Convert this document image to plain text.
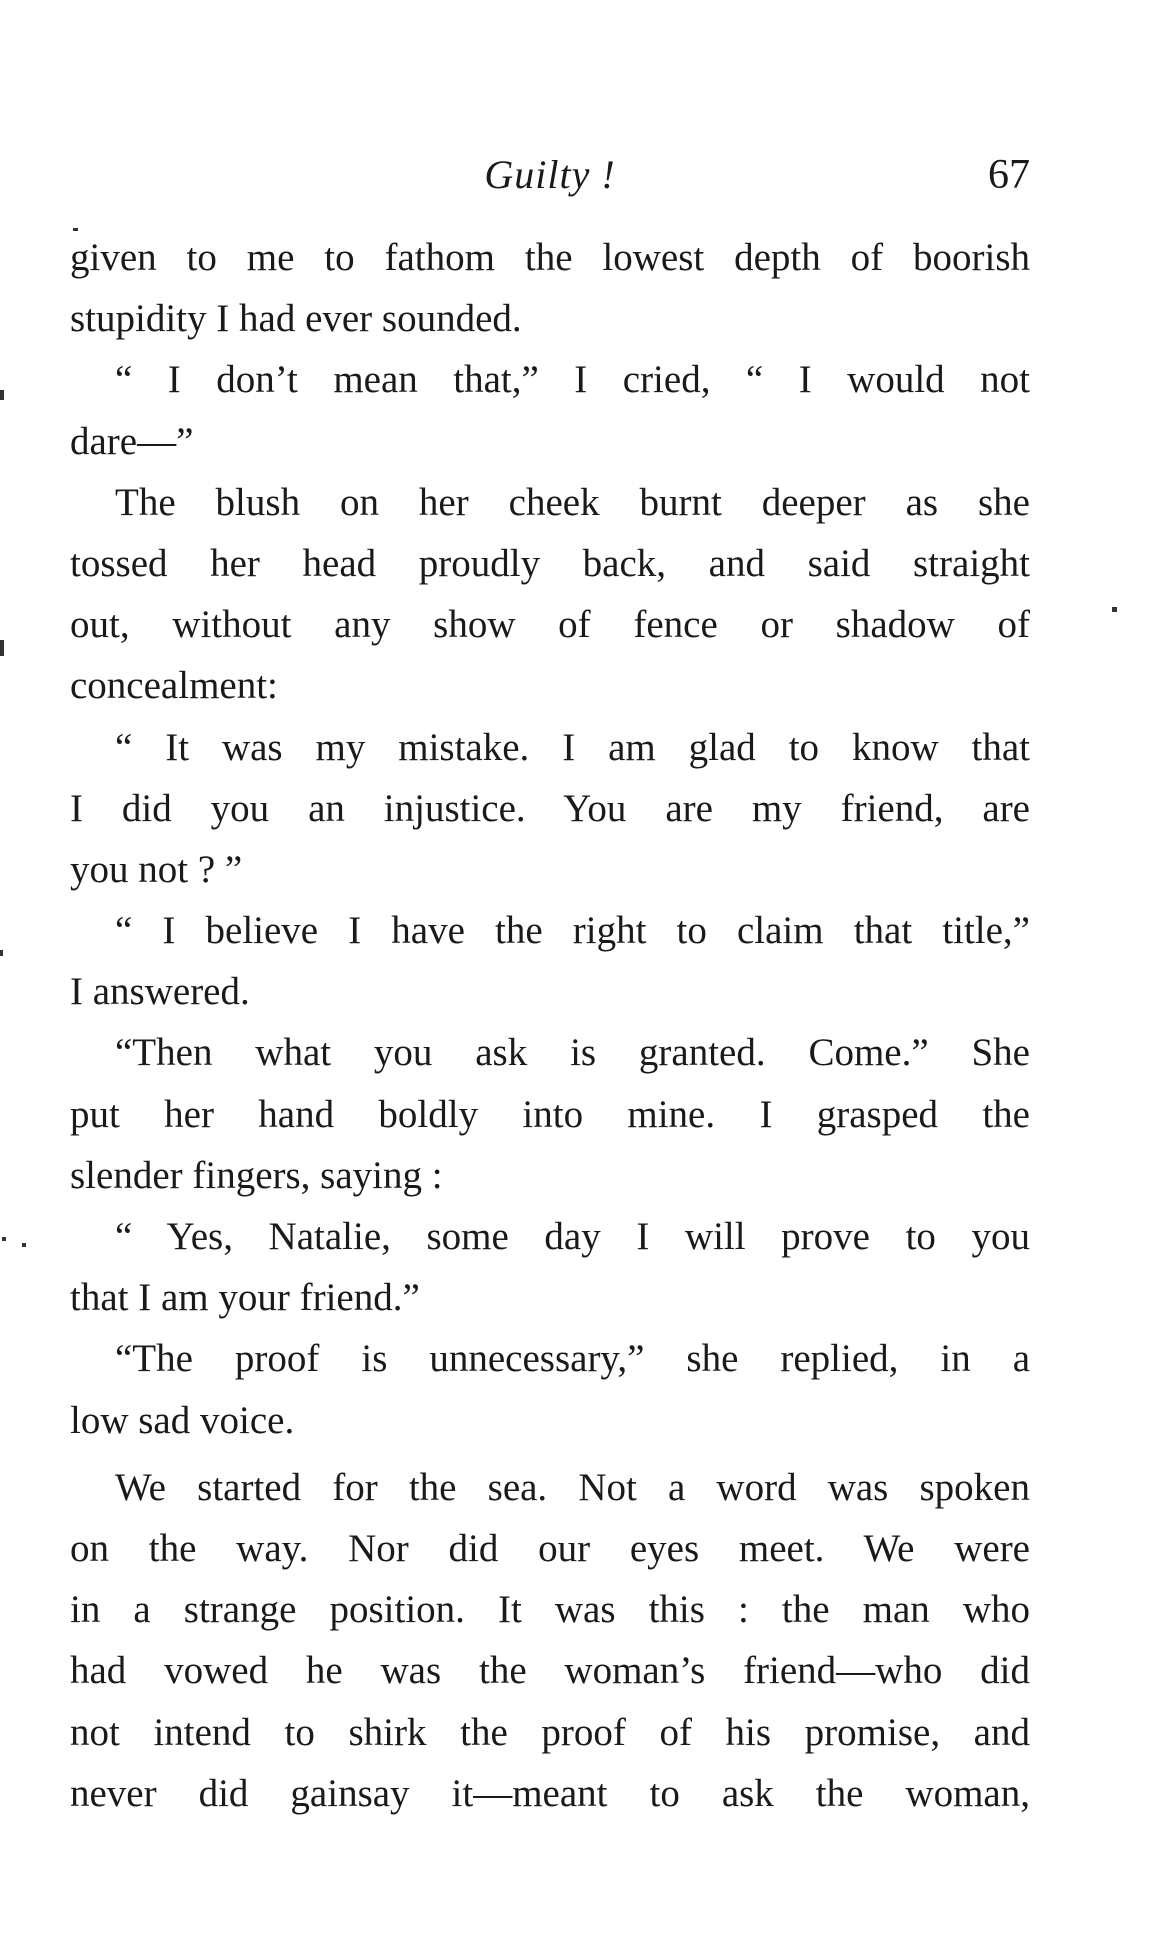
Guilty !	67
given to me to fathom the lowest depth of boorish
stupidity I had ever sounded.
“ I don’t mean that,” I cried, “ I would not
dare—”
The blush on her cheek burnt deeper as she
tossed her head proudly back, and said straight
out, without any show of fence or shadow of
concealment:
“ It was my mistake. I am glad to know that
I did you an injustice. You are my friend, are
you not ? ”
“ I believe I have the right to claim that title,”
I answered.
“Then what you ask is granted. Come.” She
put her hand boldly into mine. I grasped the
slender fingers, saying :
“ Yes, Natalie, some day I will prove to you
that I am your friend.”
“The proof is unnecessary,” she replied, in a
low sad voice.
We started for the sea. Not a word was spoken
on the way. Nor did our eyes meet. We were
in a strange position. It was this : the man who
had vowed he was the woman’s friend—who did
not intend to shirk the proof of his promise, and
never did gainsay it—meant to ask the woman,
